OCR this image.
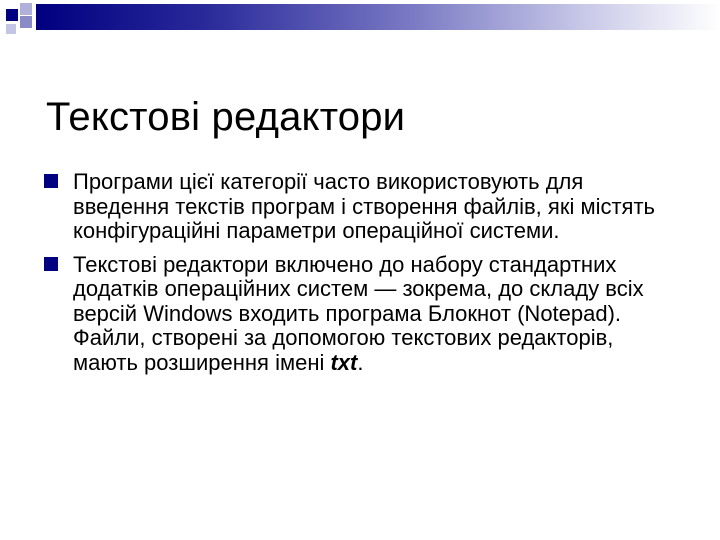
Текстові редактори
Програми цієї категорії часто використовують для введення текстів програм і створення файлів, які містять конфігураційні параметри операційної системи.
Текстові редактори включено до набору стандартних додатків операційних систем — зокрема, до складу всіх версій Windows входить програма Блокнот (Notepad). Файли, створені за допомогою текстових редакторів, мають розширення імені txt.
